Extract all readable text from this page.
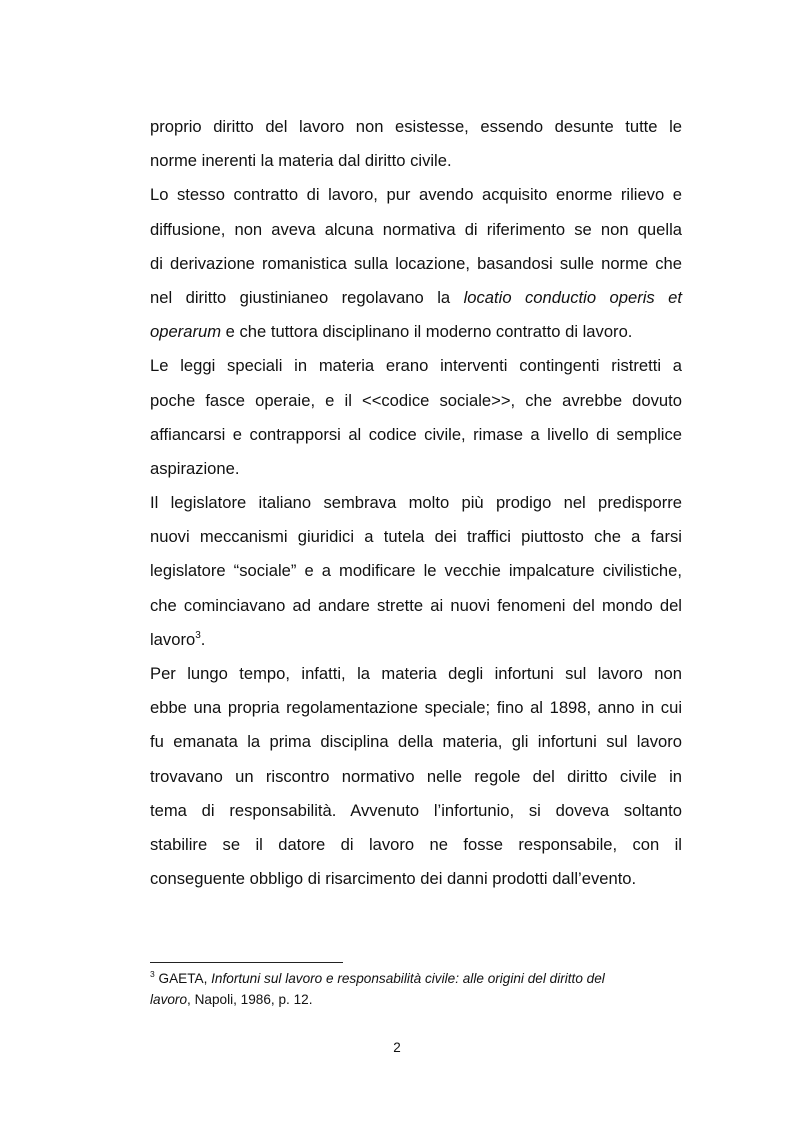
proprio diritto del lavoro non esistesse, essendo desunte tutte le
norme inerenti la materia dal diritto civile.
Lo stesso contratto di lavoro, pur avendo acquisito enorme rilievo e
diffusione, non aveva alcuna normativa di riferimento se non quella
di derivazione romanistica sulla locazione, basandosi sulle norme che
nel diritto giustinianeo regolavano la locatio conductio operis et
operarum e che tuttora disciplinano il moderno contratto di lavoro.
Le leggi speciali in materia erano interventi contingenti ristretti a
poche fasce operaie, e il <<codice sociale>>, che avrebbe dovuto
affiancarsi e contrapporsi al codice civile, rimase a livello di semplice
aspirazione.
Il legislatore italiano sembrava molto più prodigo nel predisporre
nuovi meccanismi giuridici a tutela dei traffici piuttosto che a farsi
legislatore “sociale” e a modificare le vecchie impalcature civilistiche,
che cominciavano ad andare strette ai nuovi fenomeni del mondo del
lavoro$^3$.
Per lungo tempo, infatti, la materia degli infortuni sul lavoro non
ebbe una propria regolamentazione speciale; fino al 1898, anno in cui
fu emanata la prima disciplina della materia, gli infortuni sul lavoro
trovavano un riscontro normativo nelle regole del diritto civile in
tema di responsabilità. Avvenuto l’infortunio, si doveva soltanto
stabilire se il datore di lavoro ne fosse responsabile, con il
conseguente obbligo di risarcimento dei danni prodotti dall’evento.
$^3$ GAETA, Infortuni sul lavoro e responsabilità civile: alle origini del diritto del
lavoro, Napoli, 1986, p. 12.
2
